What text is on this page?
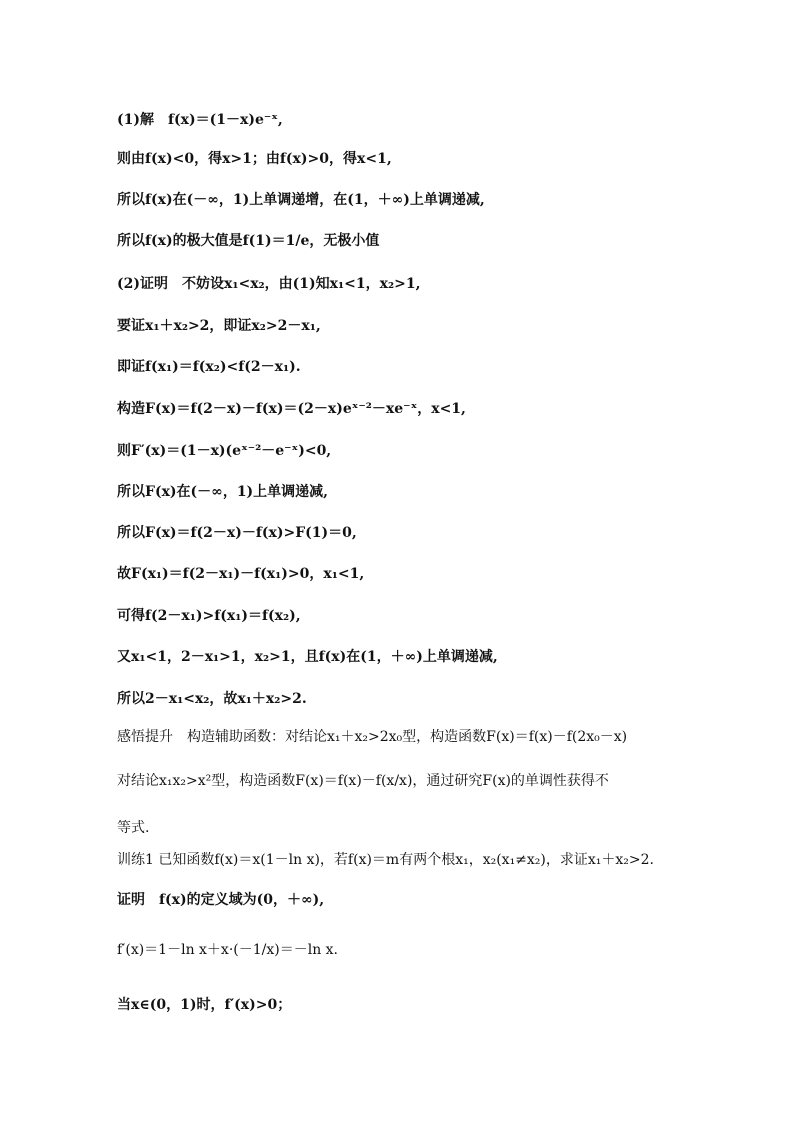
(1)解　f(x)＝(1－x)e⁻ˣ,
则由f(x)<0，得x>1；由f(x)>0，得x<1,
所以f(x)在(－∞，1)上单调递增，在(1，＋∞)上单调递减,
所以f(x)的极大值是f(1)＝1/e，无极小值
(2)证明　不妨设x₁<x₂，由(1)知x₁<1，x₂>1,
要证x₁＋x₂>2，即证x₂>2－x₁,
即证f(x₁)＝f(x₂)<f(2－x₁).
构造F(x)＝f(2－x)－f(x)＝(2－x)eˣ⁻²－xe⁻ˣ，x<1,
则F′(x)＝(1－x)(eˣ⁻²－e⁻ˣ)<0,
所以F(x)在(－∞，1)上单调递减,
所以F(x)＝f(2－x)－f(x)>F(1)＝0,
故F(x₁)＝f(2－x₁)－f(x₁)>0，x₁<1,
可得f(2－x₁)>f(x₁)＝f(x₂),
又x₁<1，2－x₁>1，x₂>1，且f(x)在(1，＋∞)上单调递减,
所以2－x₁<x₂，故x₁＋x₂>2.
感悟提升　构造辅助函数：对结论x₁＋x₂>2x₀型，构造函数F(x)＝f(x)－f(2x₀－x)
对结论x₁x₂>x²型，构造函数F(x)＝f(x)－f(x/x)，通过研究F(x)的单调性获得不
等式.
训练1 已知函数f(x)＝x(1－ln x)，若f(x)＝m有两个根x₁，x₂(x₁≠x₂)，求证x₁＋x₂>2.
证明　f(x)的定义域为(0，＋∞),
f′(x)＝1－ln x＋x·(－1/x)＝－ln x.
当x∈(0，1)时，f′(x)>0；
